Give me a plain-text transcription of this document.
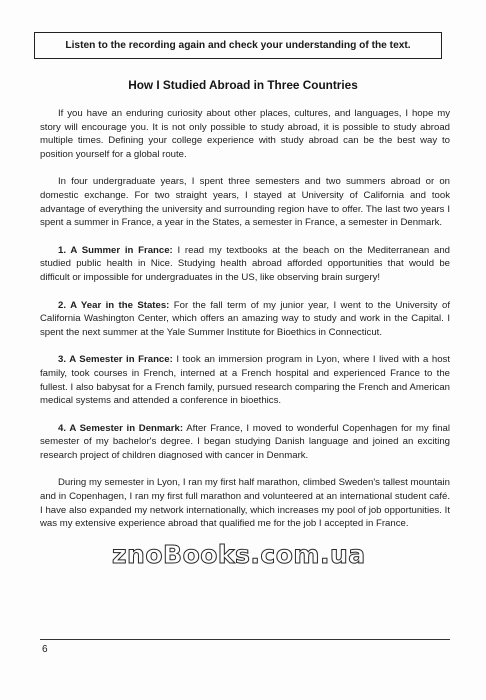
Listen to the recording again and check your understanding of the text.
How I Studied Abroad in Three Countries

If you have an enduring curiosity about other places, cultures, and languages, I hope my story will encourage you. It is not only possible to study abroad, it is possible to study abroad multiple times. Defining your college experience with study abroad can be the best way to position yourself for a global route.

In four undergraduate years, I spent three semesters and two summers abroad or on domestic exchange. For two straight years, I stayed at University of California and took advantage of everything the university and surrounding region have to offer. The last two years I spent a summer in France, a year in the States, a semester in France, a semester in Denmark.

1. A Summer in France: I read my textbooks at the beach on the Mediterranean and studied public health in Nice. Studying health abroad afforded opportunities that would be difficult or impossible for undergraduates in the US, like observing brain surgery!

2. A Year in the States: For the fall term of my junior year, I went to the University of California Washington Center, which offers an amazing way to study and work in the Capital. I spent the next summer at the Yale Summer Institute for Bioethics in Connecticut.

3. A Semester in France: I took an immersion program in Lyon, where I lived with a host family, took courses in French, interned at a French hospital and experienced France to the fullest. I also babysat for a French family, pursued research comparing the French and American medical systems and attended a conference in bioethics.

4. A Semester in Denmark: After France, I moved to wonderful Copenhagen for my final semester of my bachelor's degree. I began studying Danish language and joined an exciting research project of children diagnosed with cancer in Denmark.

During my semester in Lyon, I ran my first half marathon, climbed Sweden's tallest mountain and in Copenhagen, I ran my first full marathon and volunteered at an international student café. I have also expanded my network internationally, which increases my pool of job opportunities. It was my extensive experience abroad that qualified me for the job I accepted in France.

znoBooks.com.ua
6
